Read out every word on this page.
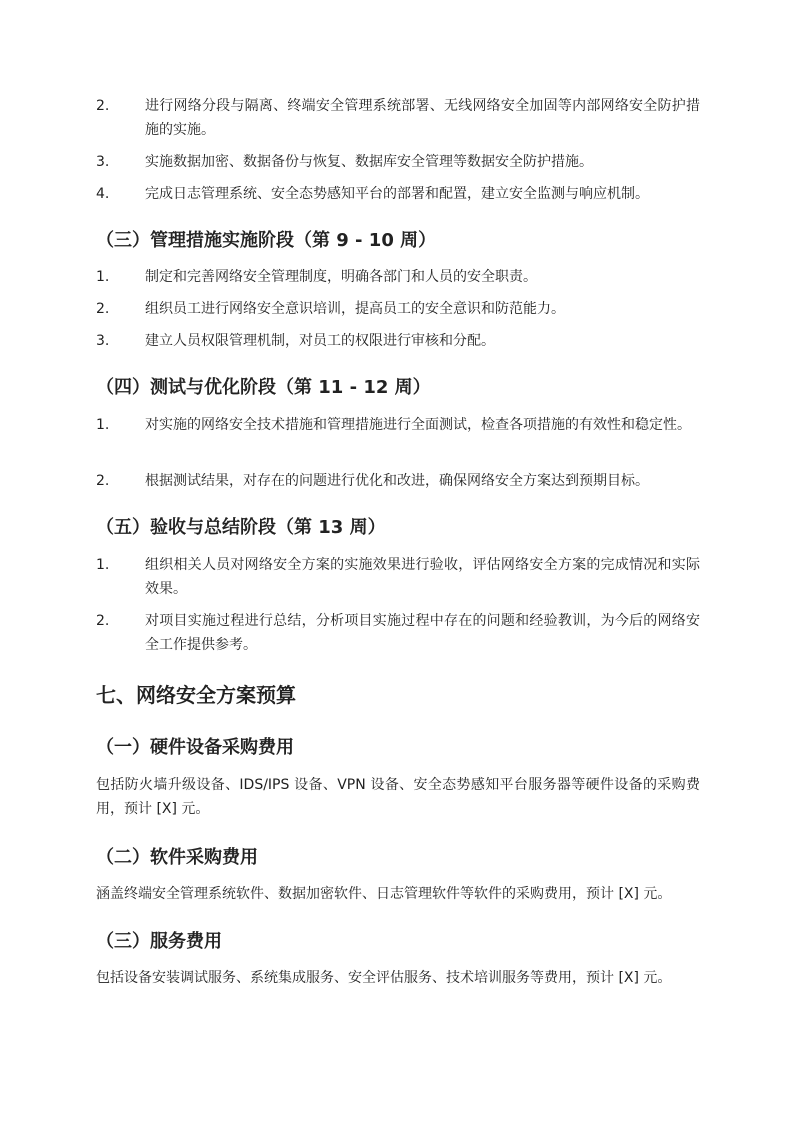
2.	进行网络分段与隔离、终端安全管理系统部署、无线网络安全加固等内部网络安全防护措施的实施。
3.	实施数据加密、数据备份与恢复、数据库安全管理等数据安全防护措施。
4.	完成日志管理系统、安全态势感知平台的部署和配置，建立安全监测与响应机制。
（三）管理措施实施阶段（第 9 - 10 周）
1.	制定和完善网络安全管理制度，明确各部门和人员的安全职责。
2.	组织员工进行网络安全意识培训，提高员工的安全意识和防范能力。
3.	建立人员权限管理机制，对员工的权限进行审核和分配。
（四）测试与优化阶段（第 11 - 12 周）
1.	对实施的网络安全技术措施和管理措施进行全面测试，检查各项措施的有效性和稳定性。
2.	根据测试结果，对存在的问题进行优化和改进，确保网络安全方案达到预期目标。
（五）验收与总结阶段（第 13 周）
1.	组织相关人员对网络安全方案的实施效果进行验收，评估网络安全方案的完成情况和实际效果。
2.	对项目实施过程进行总结，分析项目实施过程中存在的问题和经验教训，为今后的网络安全工作提供参考。
七、网络安全方案预算
（一）硬件设备采购费用
包括防火墙升级设备、IDS/IPS 设备、VPN 设备、安全态势感知平台服务器等硬件设备的采购费用，预计 [X] 元。
（二）软件采购费用
涵盖终端安全管理系统软件、数据加密软件、日志管理软件等软件的采购费用，预计 [X] 元。
（三）服务费用
包括设备安装调试服务、系统集成服务、安全评估服务、技术培训服务等费用，预计 [X] 元。
